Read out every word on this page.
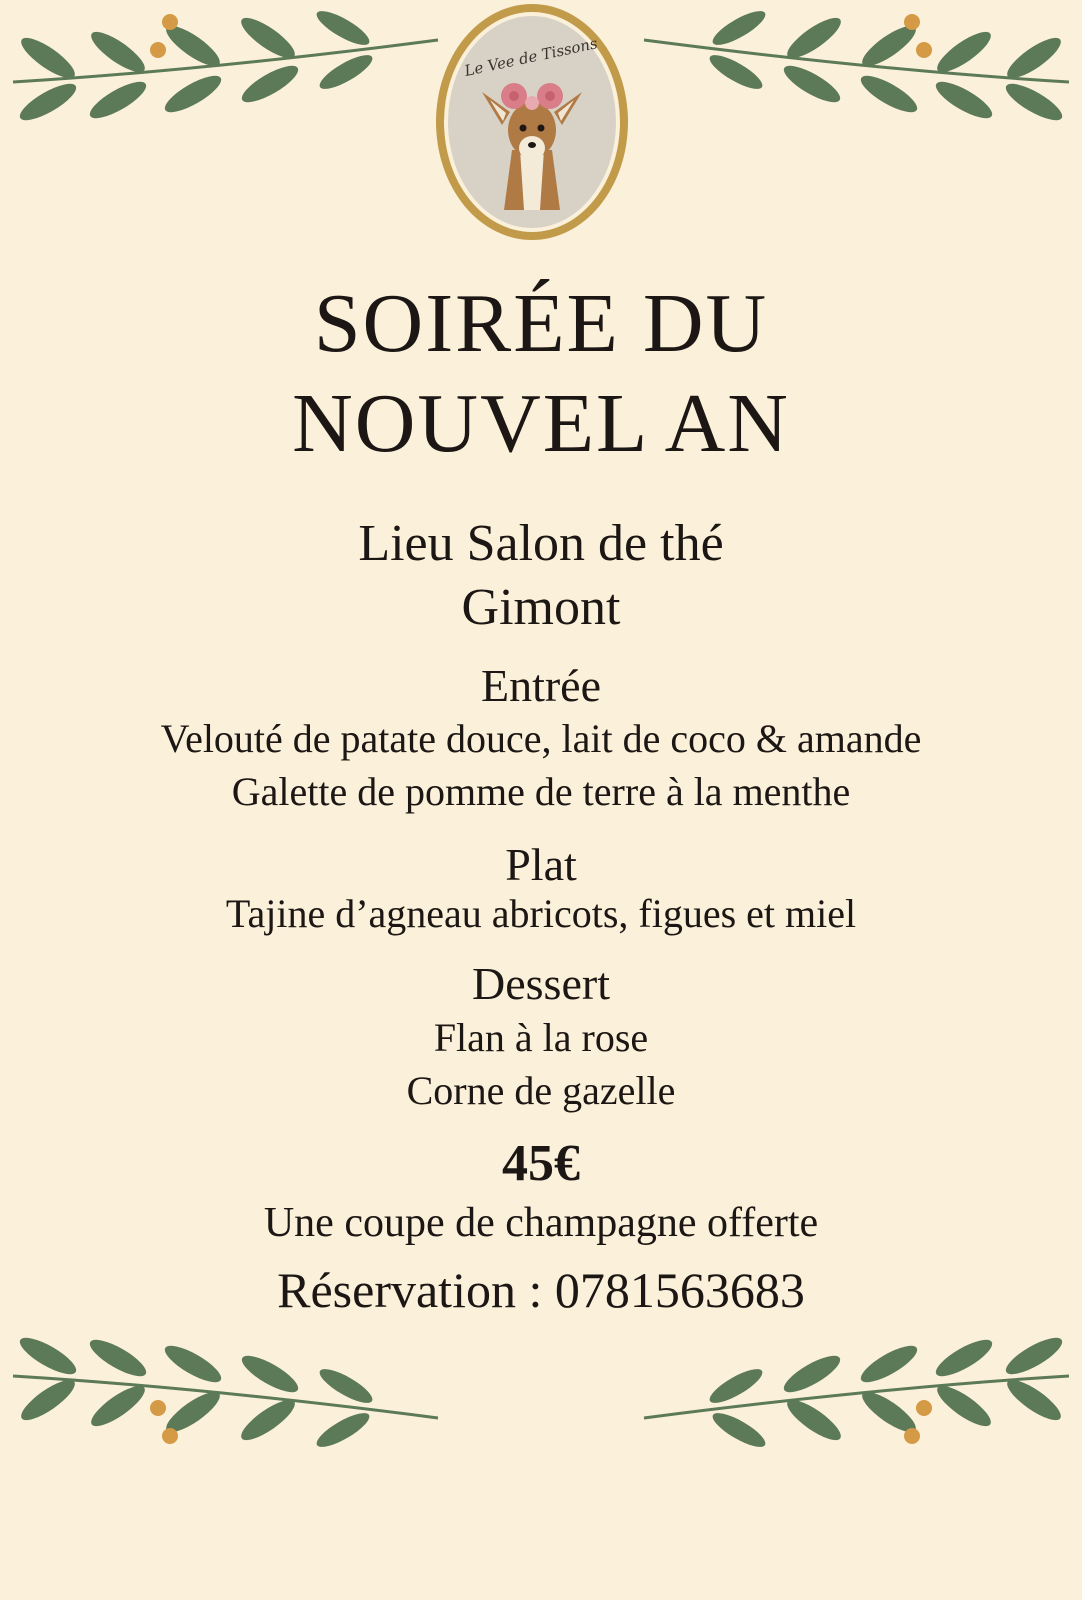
Le Vee de Tissons
SOIRÉE DU
NOUVEL AN
Lieu Salon de thé
Gimont
Entrée
Velouté de patate douce, lait de coco & amande
Galette de pomme de terre à la menthe
Plat
Tajine d’agneau abricots, figues et miel
Dessert
Flan à la rose
Corne de gazelle
45€
Une coupe de champagne offerte
Réservation : 0781563683
